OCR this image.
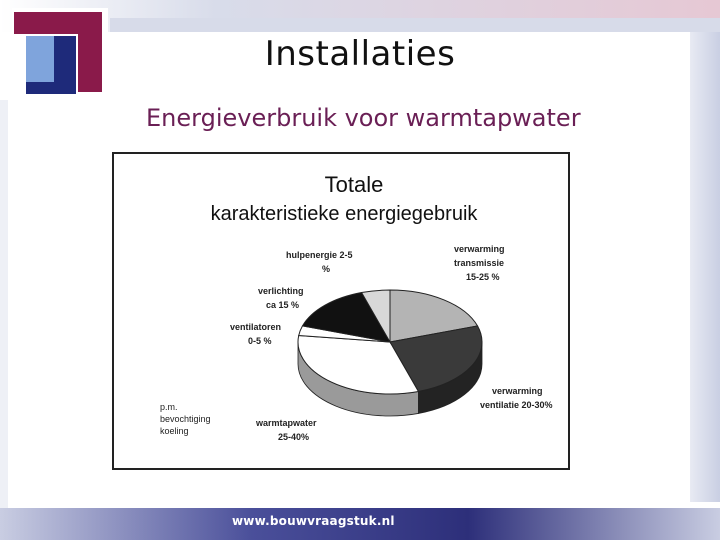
Installaties
Energieverbruik voor warmtapwater
Totale
karakteristieke energiegebruik
verwarming
transmissie
15-25 %
verwarming
ventilatie 20-30%
warmtapwater
25-40%
ventilatoren
0-5 %
verlichting
ca 15 %
hulpenergie 2-5
%
p.m.
bevochtiging
koeling
www.bouwvraagstuk.nl
